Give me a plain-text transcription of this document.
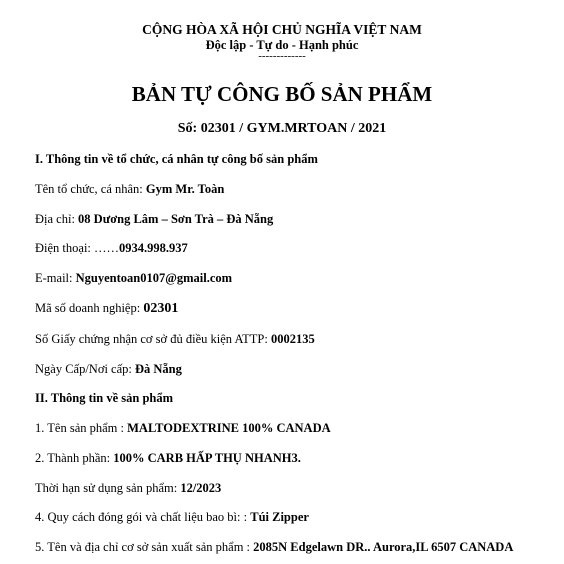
CỘNG HÒA XÃ HỘI CHỦ NGHĨA VIỆT NAM
Độc lập - Tự do - Hạnh phúc
-------------
BẢN TỰ CÔNG BỐ SẢN PHẨM
Số: 02301 / GYM.MRTOAN / 2021
I. Thông tin về tổ chức, cá nhân tự công bố sản phẩm
Tên tổ chức, cá nhân: Gym Mr. Toàn
Địa chỉ: 08 Dương Lâm – Sơn Trà – Đà Nẵng
Điện thoại: ……0934.998.937
E-mail: Nguyentoan0107@gmail.com
Mã số doanh nghiệp: 02301
Số Giấy chứng nhận cơ sở đủ điều kiện ATTP: 0002135
Ngày Cấp/Nơi cấp: Đà Nẵng
II. Thông tin về sản phẩm
1. Tên sản phẩm : MALTODEXTRINE 100% CANADA
2. Thành phần: 100% CARB HẤP THỤ NHANH3.
Thời hạn sử dụng sản phẩm: 12/2023
4. Quy cách đóng gói và chất liệu bao bì: : Túi Zipper
5. Tên và địa chỉ cơ sở sản xuất sản phẩm : 2085N Edgelawn DR.. Aurora,IL 6507 CANADA
